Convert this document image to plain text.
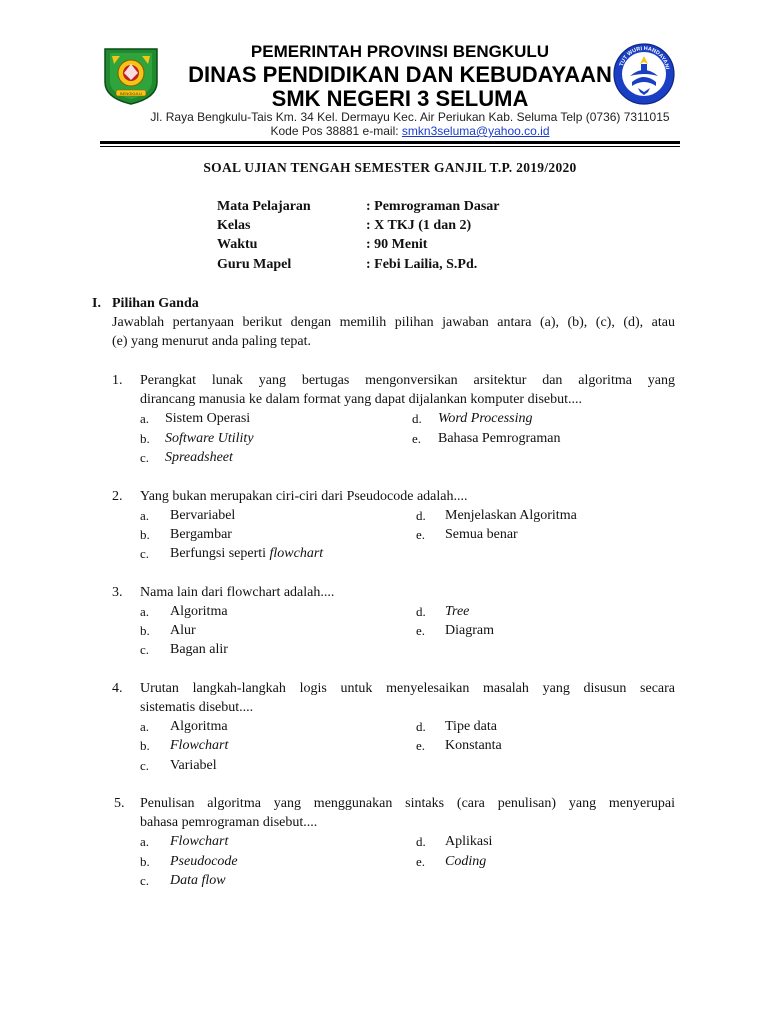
BENGKULU
TUT WURI HANDAYANI
PEMERINTAH PROVINSI BENGKULU
DINAS PENDIDIKAN DAN KEBUDAYAAN
SMK NEGERI 3 SELUMA
Jl. Raya Bengkulu-Tais Km. 34 Kel. Dermayu Kec. Air Periukan Kab. Seluma Telp (0736) 7311015
Kode Pos 38881 e-mail: smkn3seluma@yahoo.co.id
SOAL UJIAN TENGAH SEMESTER GANJIL T.P. 2019/2020
Mata Pelajaran	: Pemrograman Dasar
Kelas	: X TKJ (1 dan 2)
Waktu	: 90 Menit
Guru Mapel	: Febi Lailia, S.Pd.
I. Pilihan Ganda
Jawablah pertanyaan berikut dengan memilih pilihan jawaban antara (a), (b), (c), (d), atau
(e) yang menurut anda paling tepat.
1. Perangkat lunak yang bertugas mengonversikan arsitektur dan algoritma yang
dirancang manusia ke dalam format yang dapat dijalankan komputer disebut....
a. Sistem Operasi
b. Software Utility
c. Spreadsheet
d. Word Processing
e. Bahasa Pemrograman
2. Yang bukan merupakan ciri-ciri dari Pseudocode adalah....
a. Bervariabel
b. Bergambar
c. Berfungsi seperti flowchart
d. Menjelaskan Algoritma
e. Semua benar
3. Nama lain dari flowchart adalah....
a. Algoritma
b. Alur
c. Bagan alir
d. Tree
e. Diagram
4. Urutan langkah-langkah logis untuk menyelesaikan masalah yang disusun secara
sistematis disebut....
a. Algoritma
b. Flowchart
c. Variabel
d. Tipe data
e. Konstanta
5. Penulisan algoritma yang menggunakan sintaks (cara penulisan) yang menyerupai
bahasa pemrograman disebut....
a. Flowchart
b. Pseudocode
c. Data flow
d. Aplikasi
e. Coding
